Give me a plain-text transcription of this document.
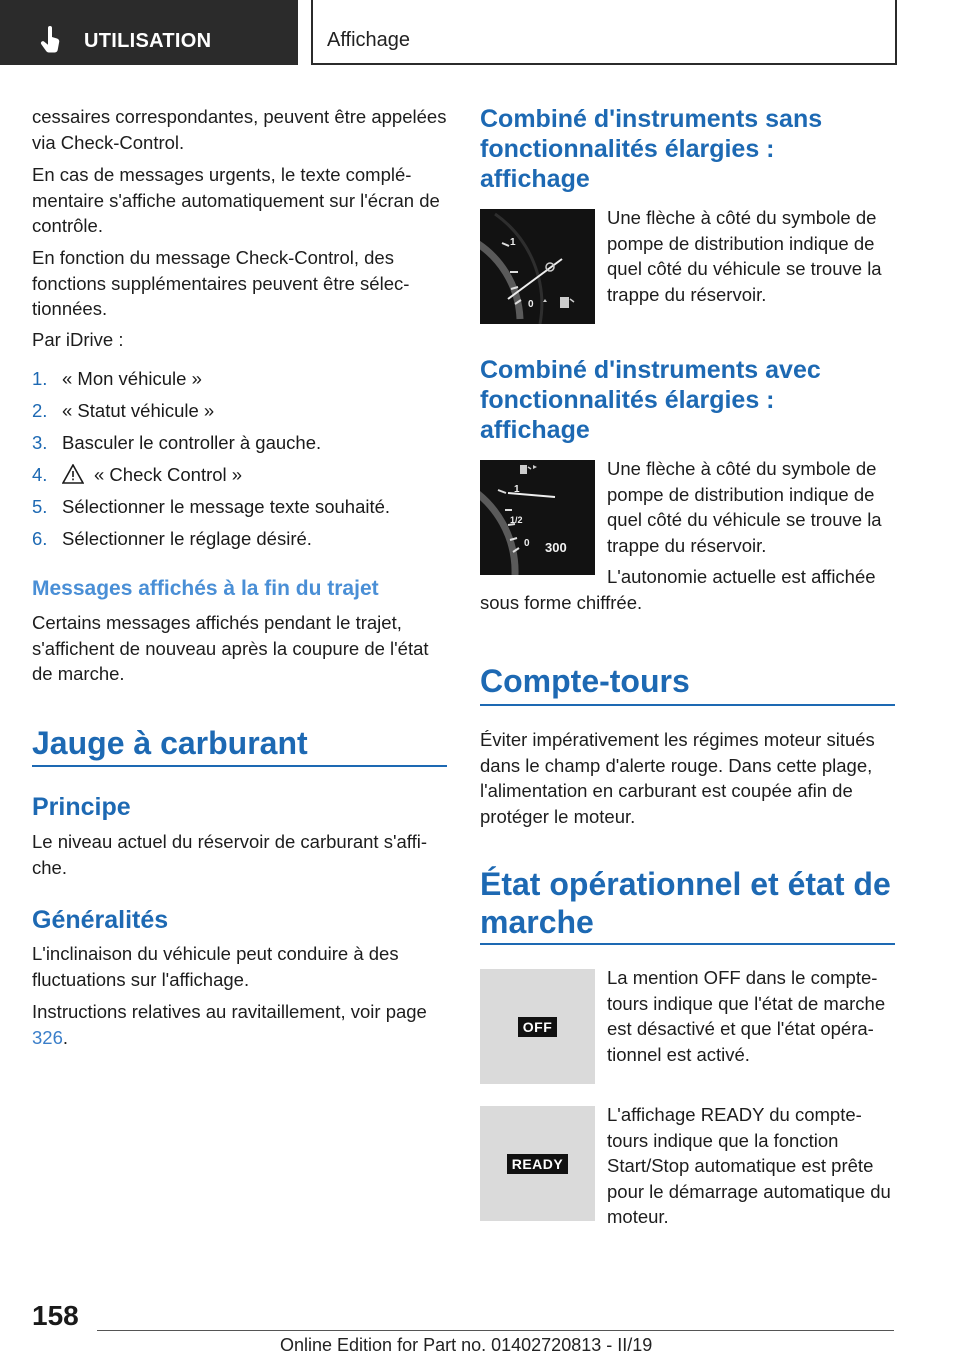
UTILISATION	Affichage

cessaires correspondantes, peuvent être appelées via Check-Control.

En cas de messages urgents, le texte complémentaire s'affiche automatiquement sur l'écran de contrôle.

En fonction du message Check-Control, des fonctions supplémentaires peuvent être sélectionnées.

Par iDrive :

1. « Mon véhicule »
2. « Statut véhicule »
3. Basculer le controller à gauche.
4.	« Check Control »
5. Sélectionner le message texte souhaité.
6. Sélectionner le réglage désiré.
Messages affichés à la fin du trajet

Certains messages affichés pendant le trajet, s'affichent de nouveau après la coupure de l'état de marche.

Jauge à carburant
Principe

Le niveau actuel du réservoir de carburant s'affiche.

Généralités

L'inclinaison du véhicule peut conduire à des fluctuations sur l'affichage.

Instructions relatives au ravitaillement, voir page 326.

Combiné d'instruments sans fonctionnalités élargies : affichage
1
0

Une flèche à côté du symbole de pompe de distribution indique de quel côté du véhicule se trouve la trappe du réservoir.

Combiné d'instruments avec fonctionnalités élargies : affichage
1
1/2
0 300

Une flèche à côté du symbole de pompe de distribution indique de quel côté du véhicule se trouve la trappe du réservoir.

L'autonomie actuelle est affichée sous forme chiffrée.

Compte-tours

Éviter impérativement les régimes moteur situés dans le champ d'alerte rouge. Dans cette plage, l'alimentation en carburant est coupée afin de protéger le moteur.

État opérationnel et état de marche
OFF

La mention OFF dans le compte-tours indique que l'état de marche est désactivé et que l'état opérationnel est activé.

READY

L'affichage READY du compte-tours indique que la fonction Start/Stop automatique est prête pour le démarrage automatique du moteur.

158
Online Edition for Part no. 01402720813 - II/19
